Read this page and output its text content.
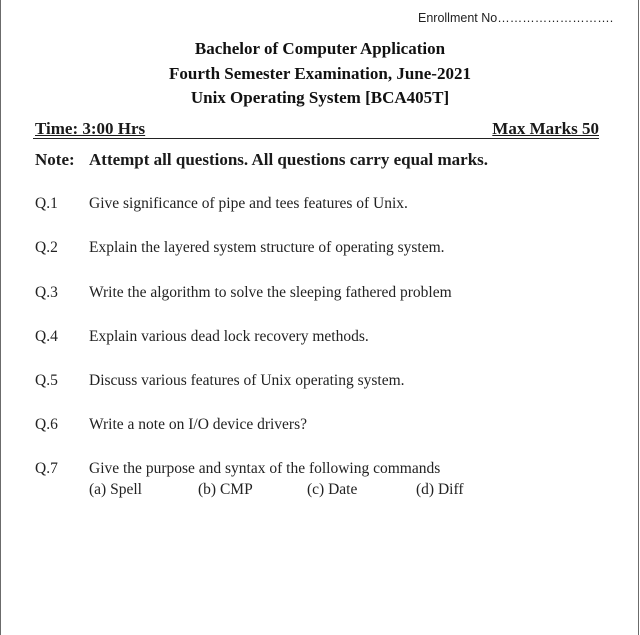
Enrollment No……………………….
Bachelor of Computer Application
Fourth Semester Examination, June-2021
Unix Operating System [BCA405T]
Time: 3:00 Hrs	Max Marks 50
Note: Attempt all questions. All questions carry equal marks.
Q.1 Give significance of pipe and tees features of Unix.
Q.2 Explain the layered system structure of operating system.
Q.3 Write the algorithm to solve the sleeping fathered problem
Q.4 Explain various dead lock recovery methods.
Q.5 Discuss various features of Unix operating system.
Q.6 Write a note on I/O device drivers?
Q.7 Give the purpose and syntax of the following commands
(a) Spell	(b) CMP	(c) Date	(d) Diff
